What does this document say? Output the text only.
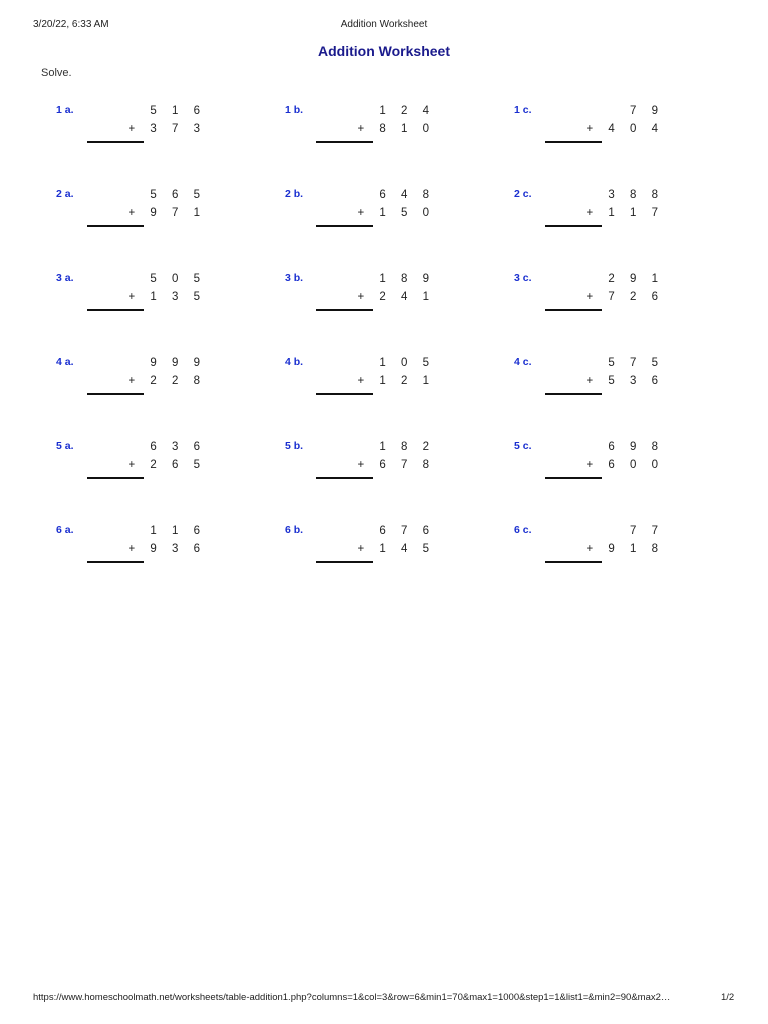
3/20/22, 6:33 AM	Addition Worksheet
Addition Worksheet
Solve.
1 a.	5 1 6
+ 3 7 3
1 b.	1 2 4
+ 8 1 0
1 c.	7 9
+ 4 0 4
2 a.	5 6 5
+ 9 7 1
2 b.	6 4 8
+ 1 5 0
2 c.	3 8 8
+ 1 1 7
3 a.	5 0 5
+ 1 3 5
3 b.	1 8 9
+ 2 4 1
3 c.	2 9 1
+ 7 2 6
4 a.	9 9 9
+ 2 2 8
4 b.	1 0 5
+ 1 2 1
4 c.	5 7 5
+ 5 3 6
5 a.	6 3 6
+ 2 6 5
5 b.	1 8 2
+ 6 7 8
5 c.	6 9 8
+ 6 0 0
6 a.	1 1 6
+ 9 3 6
6 b.	6 7 6
+ 1 4 5
6 c.	7 7
+ 9 1 8
https://www.homeschoolmath.net/worksheets/table-addition1.php?columns=1&col=3&row=6&min1=70&max1=1000&step1=1&list1=&min2=90&max2…	1/2
